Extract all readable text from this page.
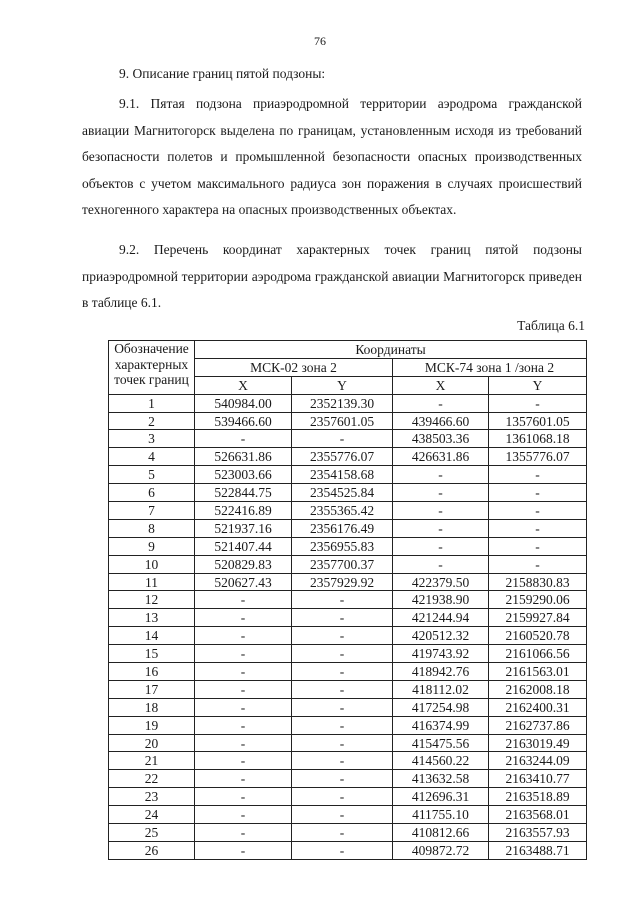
76
9. Описание границ пятой подзоны:
9.1. Пятая подзона приаэродромной территории аэродрома гражданской авиации Магнитогорск выделена по границам, установленным исходя из требований безопасности полетов и промышленной безопасности опасных производственных объектов с учетом максимального радиуса зон поражения в случаях происшествий техногенного характера на опасных производственных объектах.
9.2. Перечень координат характерных точек границ пятой подзоны приаэродромной территории аэродрома гражданской авиации Магнитогорск приведен в таблице 6.1.
Таблица 6.1
Обозначение
характерных
точек границ	Координаты			
	МСК-02 зона 2		МСК-74 зона 1 /зона 2	
	X	Y	X	Y
1	540984.00	2352139.30	-	-
2	539466.60	2357601.05	439466.60	1357601.05
3	-	-	438503.36	1361068.18
4	526631.86	2355776.07	426631.86	1355776.07
5	523003.66	2354158.68	-	-
6	522844.75	2354525.84	-	-
7	522416.89	2355365.42	-	-
8	521937.16	2356176.49	-	-
9	521407.44	2356955.83	-	-
10	520829.83	2357700.37	-	-
11	520627.43	2357929.92	422379.50	2158830.83
12	-	-	421938.90	2159290.06
13	-	-	421244.94	2159927.84
14	-	-	420512.32	2160520.78
15	-	-	419743.92	2161066.56
16	-	-	418942.76	2161563.01
17	-	-	418112.02	2162008.18
18	-	-	417254.98	2162400.31
19	-	-	416374.99	2162737.86
20	-	-	415475.56	2163019.49
21	-	-	414560.22	2163244.09
22	-	-	413632.58	2163410.77
23	-	-	412696.31	2163518.89
24	-	-	411755.10	2163568.01
25	-	-	410812.66	2163557.93
26	-	-	409872.72	2163488.71
